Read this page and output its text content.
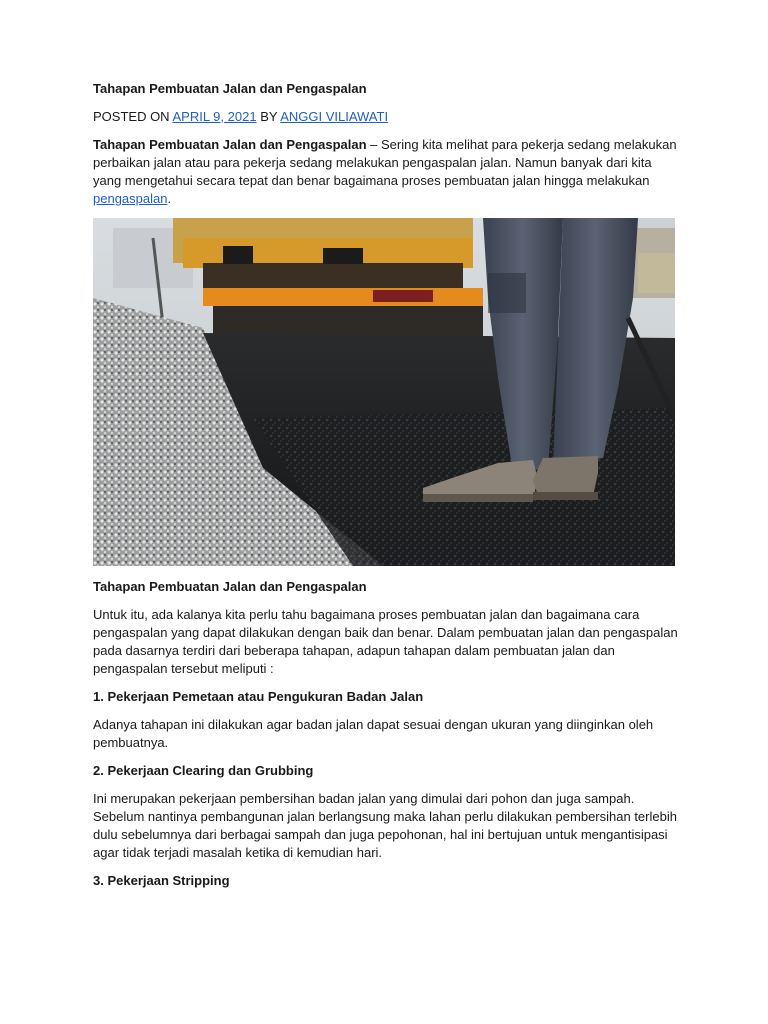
Tahapan Pembuatan Jalan dan Pengaspalan

POSTED ON APRIL 9, 2021 BY ANGGI VILIAWATI

Tahapan Pembuatan Jalan dan Pengaspalan – Sering kita melihat para pekerja sedang melakukan perbaikan jalan atau para pekerja sedang melakukan pengaspalan jalan. Namun banyak dari kita yang mengetahui secara tepat dan benar bagaimana proses pembuatan jalan hingga melakukan pengaspalan.

Tahapan Pembuatan Jalan dan Pengaspalan

Untuk itu, ada kalanya kita perlu tahu bagaimana proses pembuatan jalan dan bagaimana cara pengaspalan yang dapat dilakukan dengan baik dan benar. Dalam pembuatan jalan dan pengaspalan pada dasarnya terdiri dari beberapa tahapan, adapun tahapan dalam pembuatan jalan dan pengaspalan tersebut meliputi :

1. Pekerjaan Pemetaan atau Pengukuran Badan Jalan

Adanya tahapan ini dilakukan agar badan jalan dapat sesuai dengan ukuran yang diinginkan oleh pembuatnya.

2. Pekerjaan Clearing dan Grubbing

Ini merupakan pekerjaan pembersihan badan jalan yang dimulai dari pohon dan juga sampah. Sebelum nantinya pembangunan jalan berlangsung maka lahan perlu dilakukan pembersihan terlebih dulu sebelumnya dari berbagai sampah dan juga pepohonan, hal ini bertujuan untuk mengantisipasi agar tidak terjadi masalah ketika di kemudian hari.

3. Pekerjaan Stripping
